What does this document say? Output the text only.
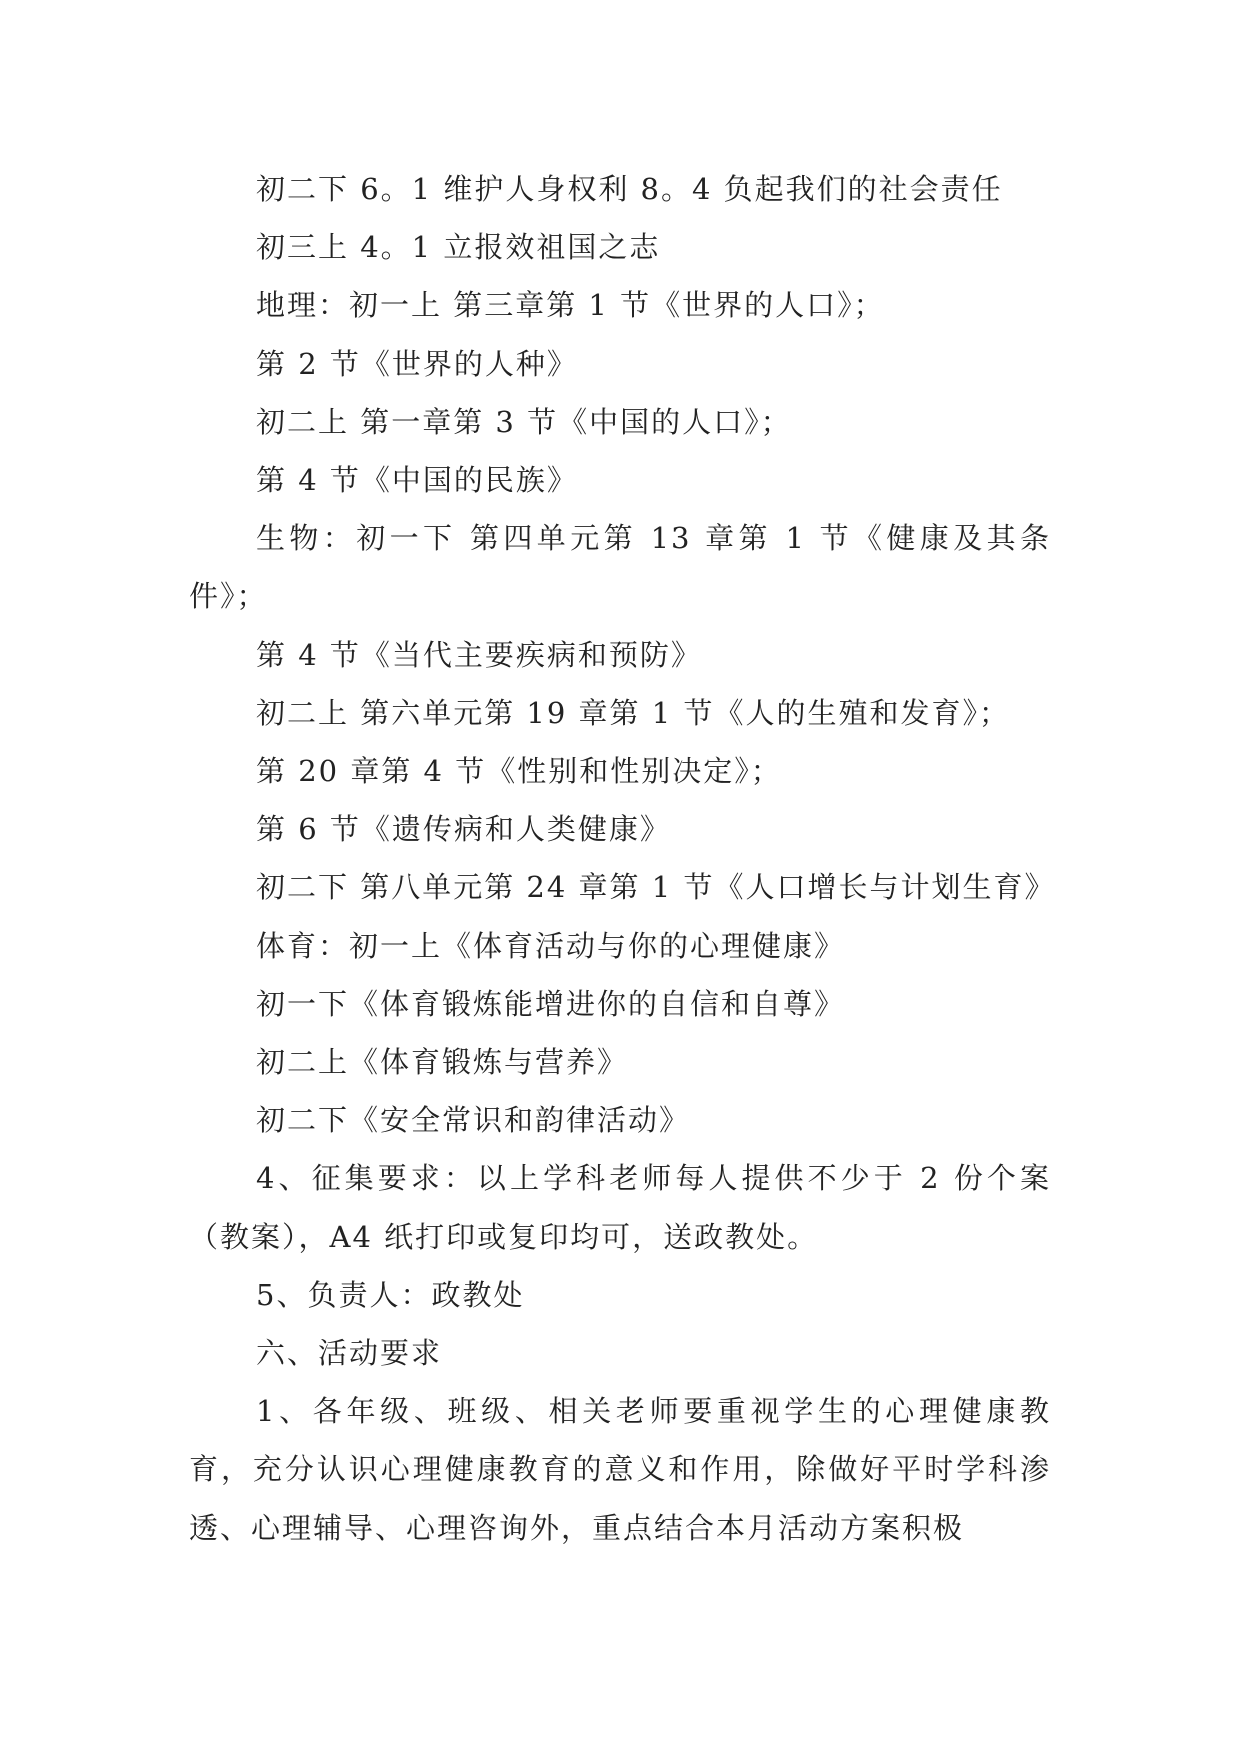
初二下 6。1 维护人身权利 8。4 负起我们的社会责任

初三上 4。1 立报效祖国之志

地理：初一上 第三章第 1 节《世界的人口》；

第 2 节《世界的人种》

初二上 第一章第 3 节《中国的人口》；

第 4 节《中国的民族》

生物：初一下 第四单元第 13 章第 1 节《健康及其条件》；

第 4 节《当代主要疾病和预防》

初二上 第六单元第 19 章第 1 节《人的生殖和发育》；

第 20 章第 4 节《性别和性别决定》；

第 6 节《遗传病和人类健康》

初二下 第八单元第 24 章第 1 节《人口增长与计划生育》

体育：初一上《体育活动与你的心理健康》

初一下《体育锻炼能增进你的自信和自尊》

初二上《体育锻炼与营养》

初二下《安全常识和韵律活动》

4、征集要求：以上学科老师每人提供不少于 2 份个案（教案），A4 纸打印或复印均可，送政教处。

5、负责人：政教处

六、活动要求

1、各年级、班级、相关老师要重视学生的心理健康教育，充分认识心理健康教育的意义和作用，除做好平时学科渗透、心理辅导、心理咨询外，重点结合本月活动方案积极
